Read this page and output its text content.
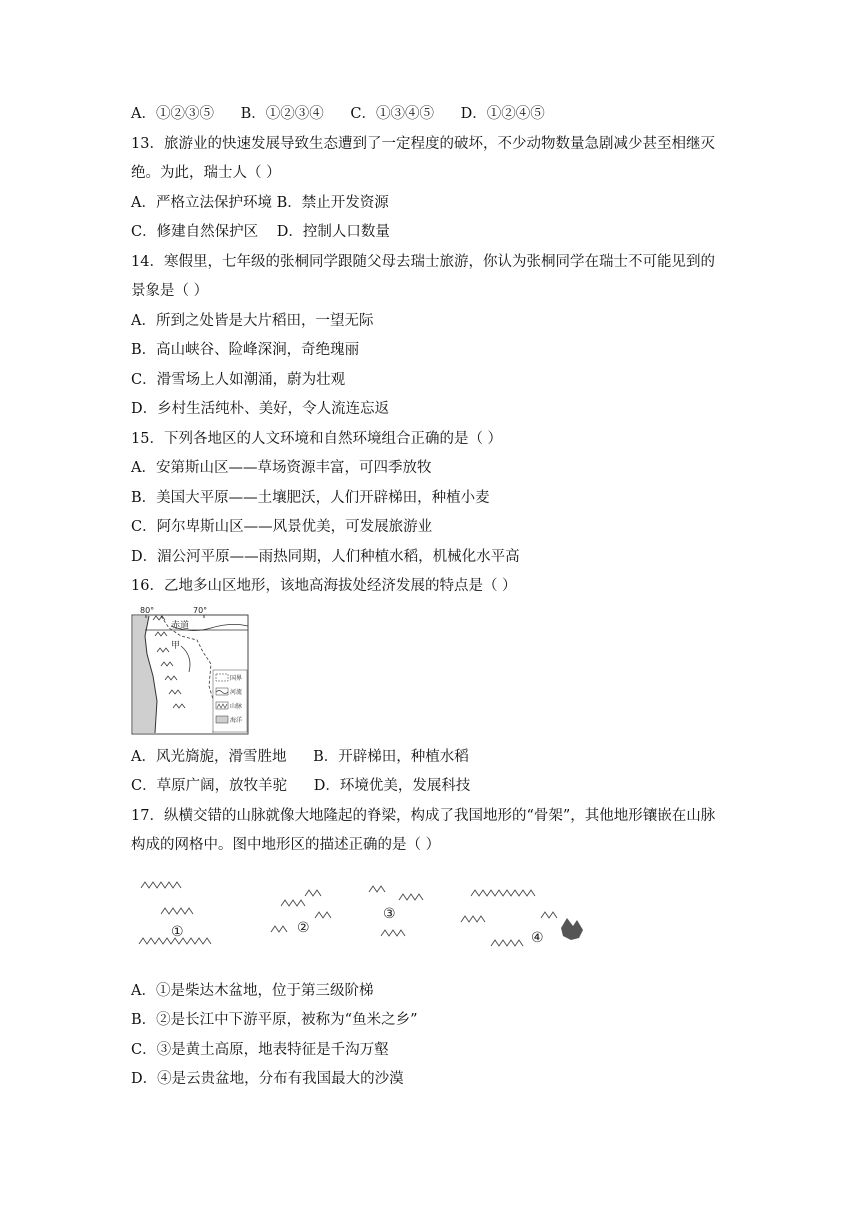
A．①②③⑤ B．①②③④ C．①③④⑤ D．①②④⑤
13．旅游业的快速发展导致生态遭到了一定程度的破坏，不少动物数量急剧减少甚至相继灭
绝。为此，瑞士人（ ）
A．严格立法保护环境 B．禁止开发资源
C．修建自然保护区 D．控制人口数量
14．寒假里，七年级的张桐同学跟随父母去瑞士旅游，你认为张桐同学在瑞士不可能见到的
景象是（ ）
A．所到之处皆是大片稻田，一望无际
B．高山峡谷、险峰深涧，奇绝瑰丽
C．滑雪场上人如潮涌，蔚为壮观
D．乡村生活纯朴、美好，令人流连忘返
15．下列各地区的人文环境和自然环境组合正确的是（ ）
A．安第斯山区——草场资源丰富，可四季放牧
B．美国大平原——土壤肥沃，人们开辟梯田，种植小麦
C．阿尔卑斯山区——风景优美，可发展旅游业
D．湄公河平原——雨热同期，人们种植水稻，机械化水平高
16．乙地多山区地形，该地高海拔处经济发展的特点是（ ）
80°	70°
赤道
甲
国界
河流
山脉
海洋
A．风光旖旎，滑雪胜地 B．开辟梯田，种植水稻
C．草原广阔，放牧羊驼 D．环境优美，发展科技
17．纵横交错的山脉就像大地隆起的脊梁，构成了我国地形的“骨架”，其他地形镶嵌在山脉
构成的网格中。图中地形区的描述正确的是（ ）
①	②
③
④
A．①是柴达木盆地，位于第三级阶梯
B．②是长江中下游平原，被称为“鱼米之乡”
C．③是黄土高原，地表特征是千沟万壑
D．④是云贵盆地，分布有我国最大的沙漠
